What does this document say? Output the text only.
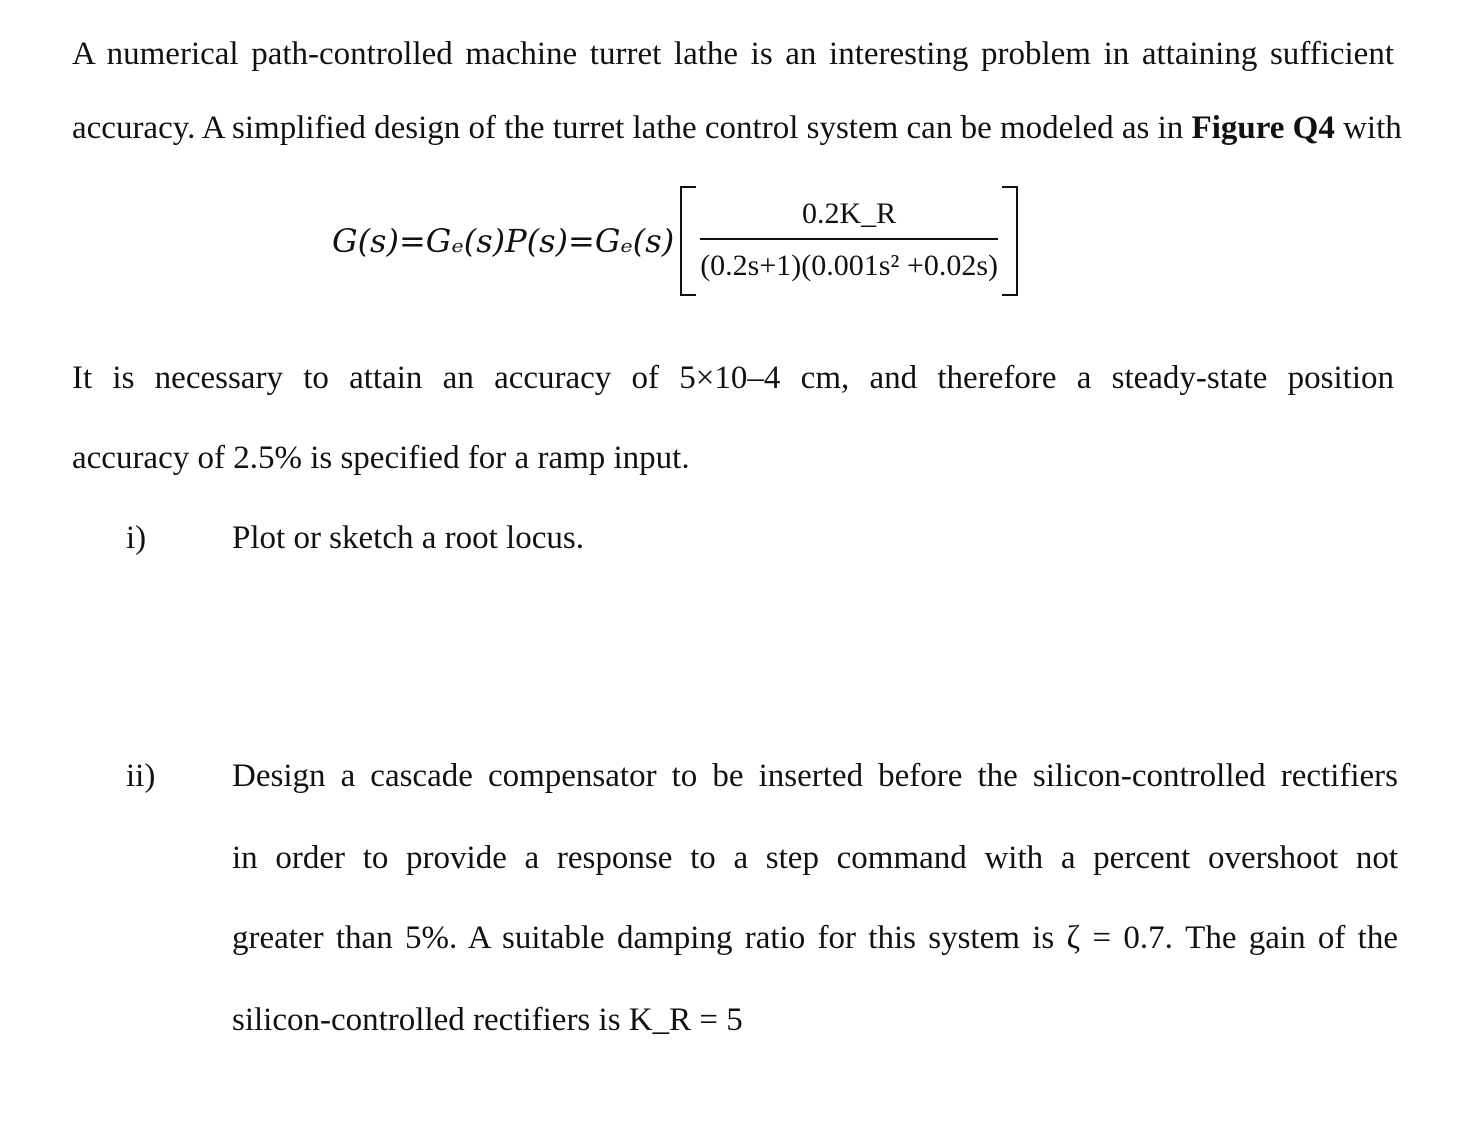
A numerical path-controlled machine turret lathe is an interesting problem in attaining sufficient
accuracy. A simplified design of the turret lathe control system can be modeled as in Figure Q4 with
$G(s)=G_e(s)P(s)=G_e(s) \frac{0.2K\_R}{\text{(0.2s+1)(0.001s² +0.02s)}}$
It is necessary to attain an accuracy of 5×10–4 cm, and therefore a steady-state position
accuracy of 2.5% is specified for a ramp input.
i)	Plot or sketch a root locus.
ii) Design a cascade compensator to be inserted before the silicon-controlled rectifiers
in order to provide a response to a step command with a percent overshoot not
greater than 5%. A suitable damping ratio for this system is ζ = 0.7. The gain of the
silicon-controlled rectifiers is K_R = 5
